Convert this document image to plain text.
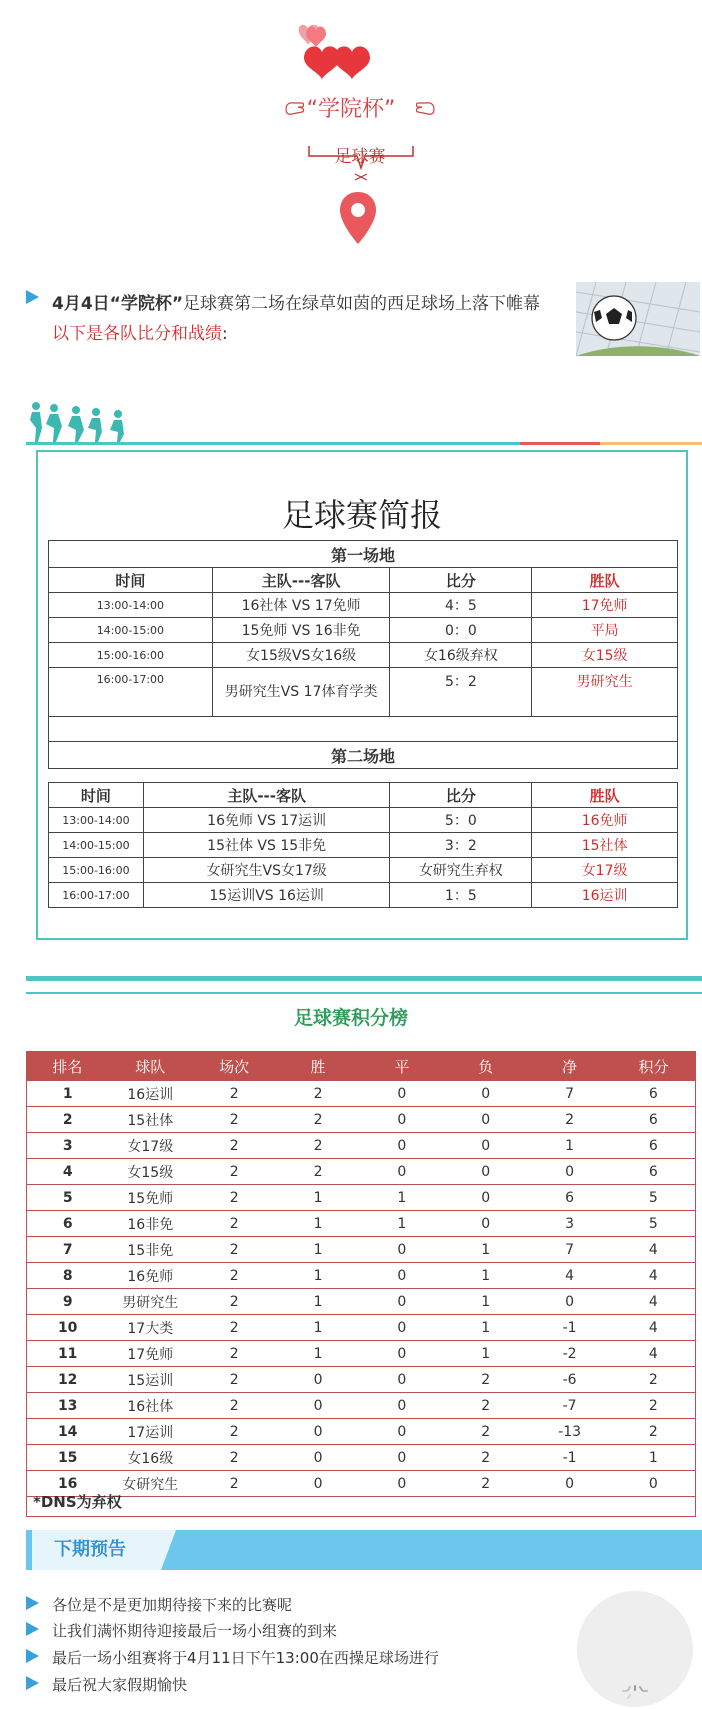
“学院杯”
足球赛
4月4日“学院杯”足球赛第二场在绿草如茵的西足球场上落下帷幕
以下是各队比分和战绩:
足球赛简报
第一场地			
时间	主队---客队	比分	胜队
13:00-14:00	16社体 VS 17免师	4：5	17免师
14:00-15:00	15免师 VS 16非免	0：0	平局
15:00-16:00	女15级VS女16级	女16级弃权	女15级
16:00-17:00	男研究生VS 17体育学类	5：2	男研究生

第二场地			
时间	主队---客队	比分	胜队
13:00-14:00	16免师 VS 17运训	5：0	16免师
14:00-15:00	15社体 VS 15非免	3：2	15社体
15:00-16:00	女研究生VS女17级	女研究生弃权	女17级
16:00-17:00	15运训VS 16运训	1：5	16运训
足球赛积分榜
排名	球队	场次	胜	平	负	净	积分
1	16运训	2	2	0	0	7	6
2	15社体	2	2	0	0	2	6
3	女17级	2	2	0	0	1	6
4	女15级	2	2	0	0	0	6
5	15免师	2	1	1	0	6	5
6	16非免	2	1	1	0	3	5
7	15非免	2	1	0	1	7	4
8	16免师	2	1	0	1	4	4
9	男研究生	2	1	0	1	0	4
10	17大类	2	1	0	1	-1	4
11	17免师	2	1	0	1	-2	4
12	15运训	2	0	0	2	-6	2
13	16社体	2	0	0	2	-7	2
14	17运训	2	0	0	2	-13	2
15	女16级	2	0	0	2	-1	1
16	女研究生	2	0	0	2	0	0
*DNS为弃权
下期预告
各位是不是更加期待接下来的比赛呢
让我们满怀期待迎接最后一场小组赛的到来
最后一场小组赛将于4月11日下午13:00在西操足球场进行
最后祝大家假期愉快
